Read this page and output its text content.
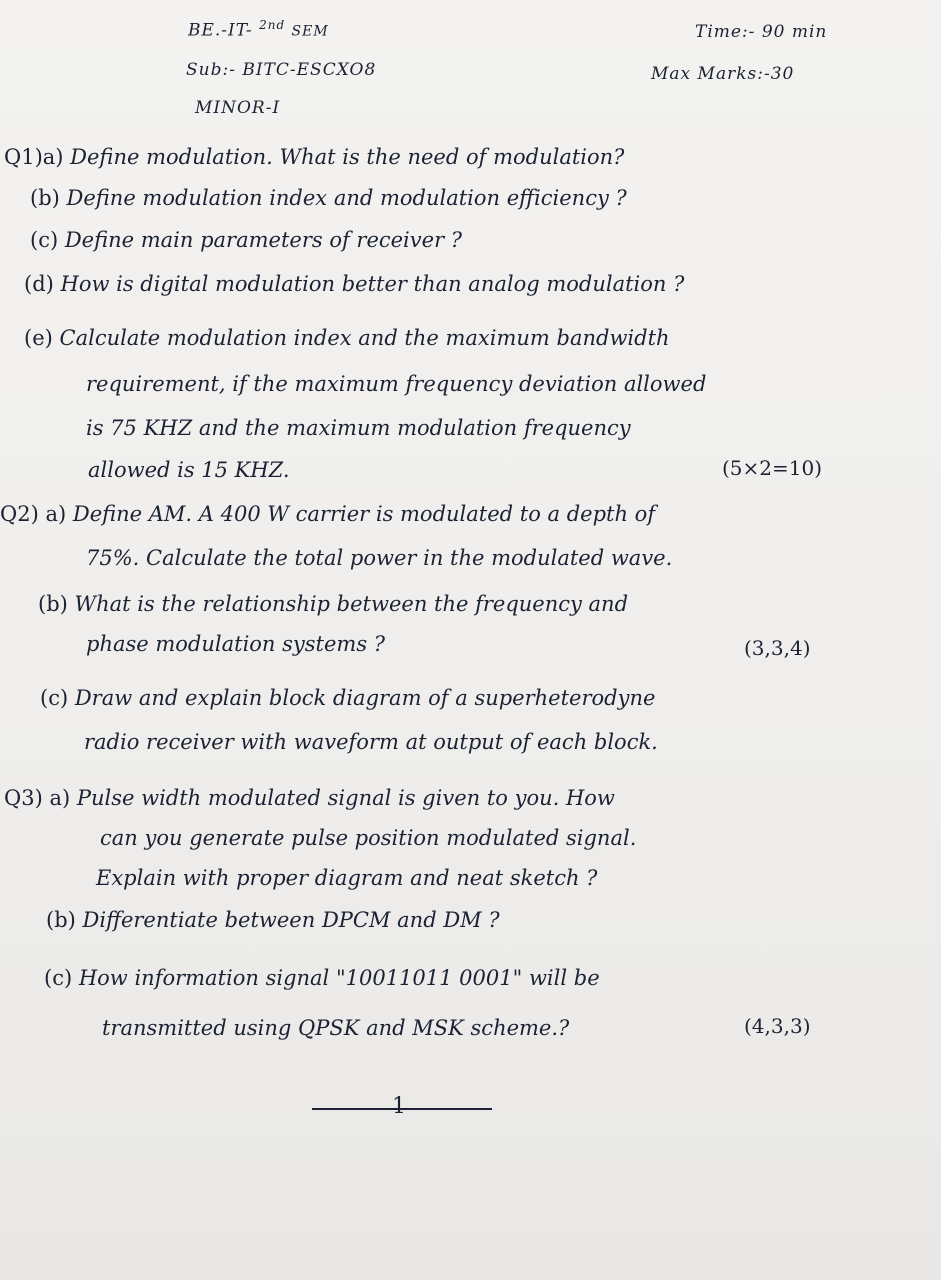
BE.-IT- $^{2nd}$ SEM	Time:- 90 min
Sub:- BITC-ESCXO8	Max Marks:-30
MINOR-I
Q1)a) Define modulation. What is the need of modulation?
(b) Define modulation index and modulation efficiency ?
(c) Define main parameters of receiver ?
(d) How is digital modulation better than analog modulation ?
(e) Calculate modulation index and the maximum bandwidth
requirement, if the maximum frequency deviation allowed
is 75 KHZ and the maximum modulation frequency
allowed is 15 KHZ.	(5×2=10)
Q2) a) Define AM. A 400 W carrier is modulated to a depth of
75%. Calculate the total power in the modulated wave.
(b) What is the relationship between the frequency and
phase modulation systems ?	(3,3,4)
(c) Draw and explain block diagram of a superheterodyne
radio receiver with waveform at output of each block.
Q3) a) Pulse width modulated signal is given to you. How
can you generate pulse position modulated signal.
Explain with proper diagram and neat sketch ?
(b) Differentiate between DPCM and DM ?
(c) How information signal "10011011 0001" will be
transmitted using QPSK and MSK scheme.?	(4,3,3)
1
